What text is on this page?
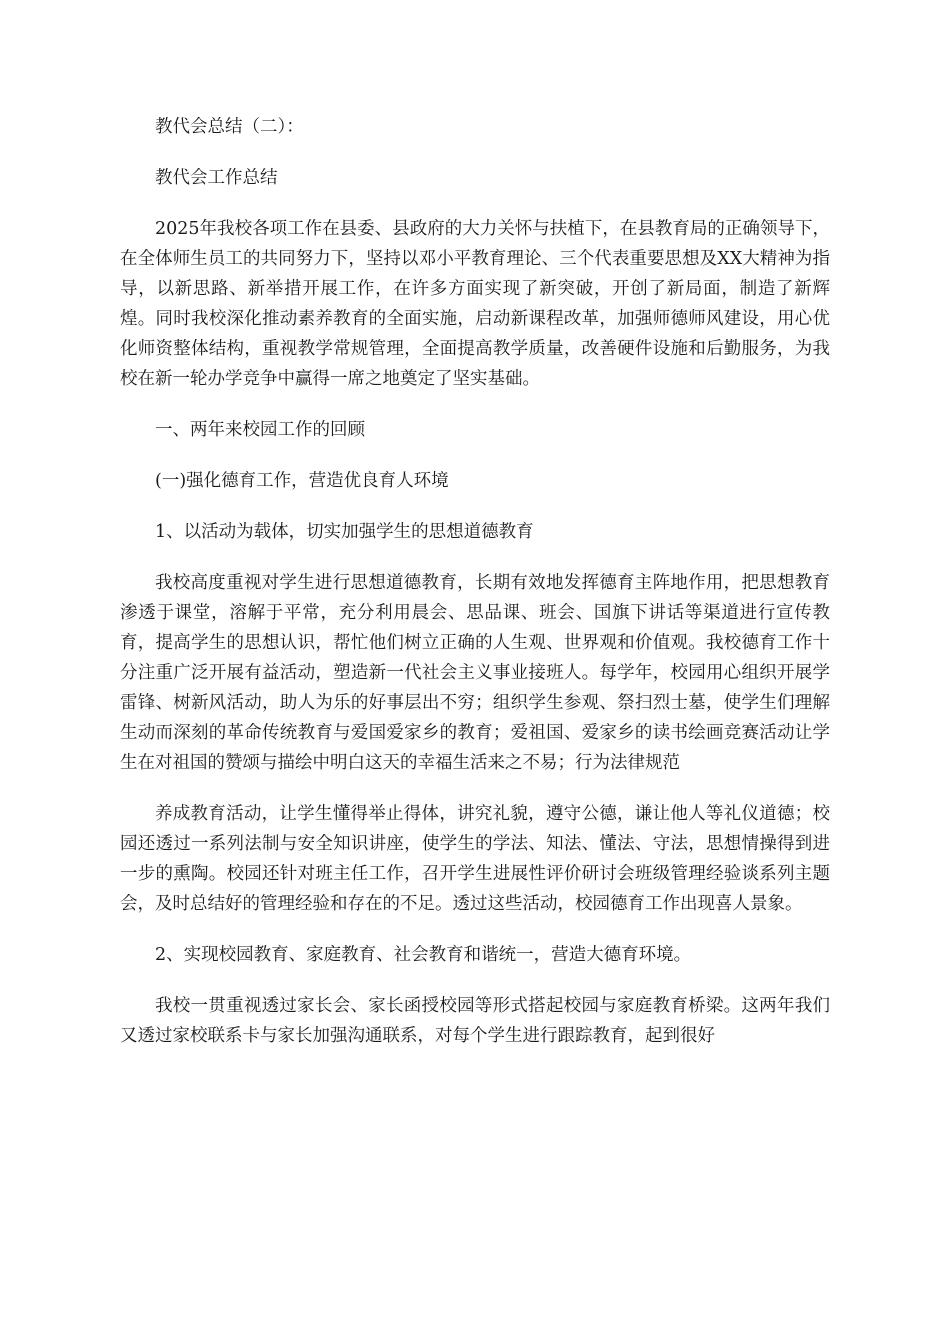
教代会总结（二）：

教代会工作总结

2025年我校各项工作在县委、县政府的大力关怀与扶植下，在县教育局的正确领导下，在全体师生员工的共同努力下，坚持以邓小平教育理论、三个代表重要思想及XX大精神为指导，以新思路、新举措开展工作，在许多方面实现了新突破，开创了新局面，制造了新辉煌。同时我校深化推动素养教育的全面实施，启动新课程改革，加强师德师风建设，用心优化师资整体结构，重视教学常规管理，全面提高教学质量，改善硬件设施和后勤服务，为我校在新一轮办学竞争中赢得一席之地奠定了坚实基础。

一、两年来校园工作的回顾

(一)强化德育工作，营造优良育人环境

1、以活动为载体，切实加强学生的思想道德教育

我校高度重视对学生进行思想道德教育，长期有效地发挥德育主阵地作用，把思想教育渗透于课堂，溶解于平常，充分利用晨会、思品课、班会、国旗下讲话等渠道进行宣传教育，提高学生的思想认识，帮忙他们树立正确的人生观、世界观和价值观。我校德育工作十分注重广泛开展有益活动，塑造新一代社会主义事业接班人。每学年，校园用心组织开展学雷锋、树新风活动，助人为乐的好事层出不穷；组织学生参观、祭扫烈士墓，使学生们理解生动而深刻的革命传统教育与爱国爱家乡的教育；爱祖国、爱家乡的读书绘画竞赛活动让学生在对祖国的赞颂与描绘中明白这天的幸福生活来之不易；行为法律规范

养成教育活动，让学生懂得举止得体，讲究礼貌，遵守公德，谦让他人等礼仪道德；校园还透过一系列法制与安全知识讲座，使学生的学法、知法、懂法、守法，思想情操得到进一步的熏陶。校园还针对班主任工作，召开学生进展性评价研讨会班级管理经验谈系列主题会，及时总结好的管理经验和存在的不足。透过这些活动，校园德育工作出现喜人景象。

2、实现校园教育、家庭教育、社会教育和谐统一，营造大德育环境。

我校一贯重视透过家长会、家长函授校园等形式搭起校园与家庭教育桥梁。这两年我们又透过家校联系卡与家长加强沟通联系，对每个学生进行跟踪教育，起到很好
